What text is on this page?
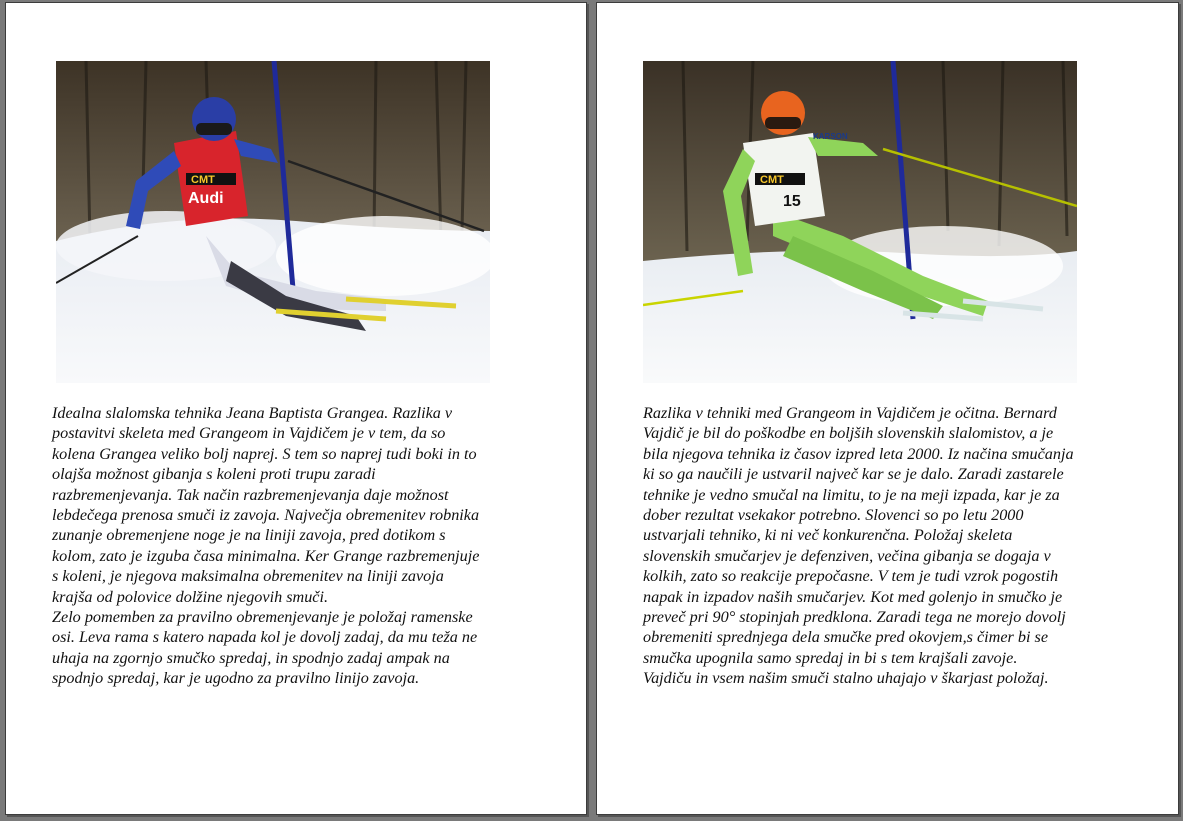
CMT
Audi
Idealna slalomska tehnika Jeana Baptista Grangea. Razlika v
postavitvi skeleta med Grangeom in Vajdičem je v tem, da so
kolena Grangea veliko bolj naprej. S tem so naprej tudi boki in to
olajša možnost gibanja s koleni proti trupu zaradi
razbremenjevanja. Tak način razbremenjevanja daje možnost
lebdečega prenosa smuči iz zavoja. Največja obremenitev robnika
zunanje obremenjene noge je na liniji zavoja, pred dotikom s
kolom, zato je izguba časa minimalna. Ker Grange razbremenjuje
s koleni, je njegova maksimalna obremenitev na liniji zavoja
krajša od polovice dolžine njegovih smuči.
Zelo pomemben za pravilno obremenjevanje je položaj ramenske
osi. Leva rama s katero napada kol je dovolj zadaj, da mu teža ne
uhaja na zgornjo smučko spredaj, in spodnjo zadaj ampak na
spodnjo spredaj, kar je ugodno za pravilno linijo zavoja.
CMT
15
KARSON
Razlika v tehniki med Grangeom in Vajdičem je očitna. Bernard
Vajdič je bil do poškodbe en boljših slovenskih slalomistov, a je
bila njegova tehnika iz časov izpred leta 2000. Iz načina smučanja
ki so ga naučili je ustvaril največ kar se je dalo. Zaradi zastarele
tehnike je vedno smučal na limitu, to je na meji izpada, kar je za
dober rezultat vsekakor potrebno. Slovenci so po letu 2000
ustvarjali tehniko, ki ni več konkurenčna. Položaj skeleta
slovenskih smučarjev je defenziven, večina gibanja se dogaja v
kolkih, zato so reakcije prepočasne. V tem je tudi vzrok pogostih
napak in izpadov naših smučarjev. Kot med golenjo in smučko je
preveč pri 90° stopinjah predklona. Zaradi tega ne morejo dovolj
obremeniti sprednjega dela smučke pred okovjem,s čimer bi se
smučka upognila samo spredaj in bi s tem krajšali zavoje.
Vajdiču in vsem našim smuči stalno uhajajo v škarjast položaj.
